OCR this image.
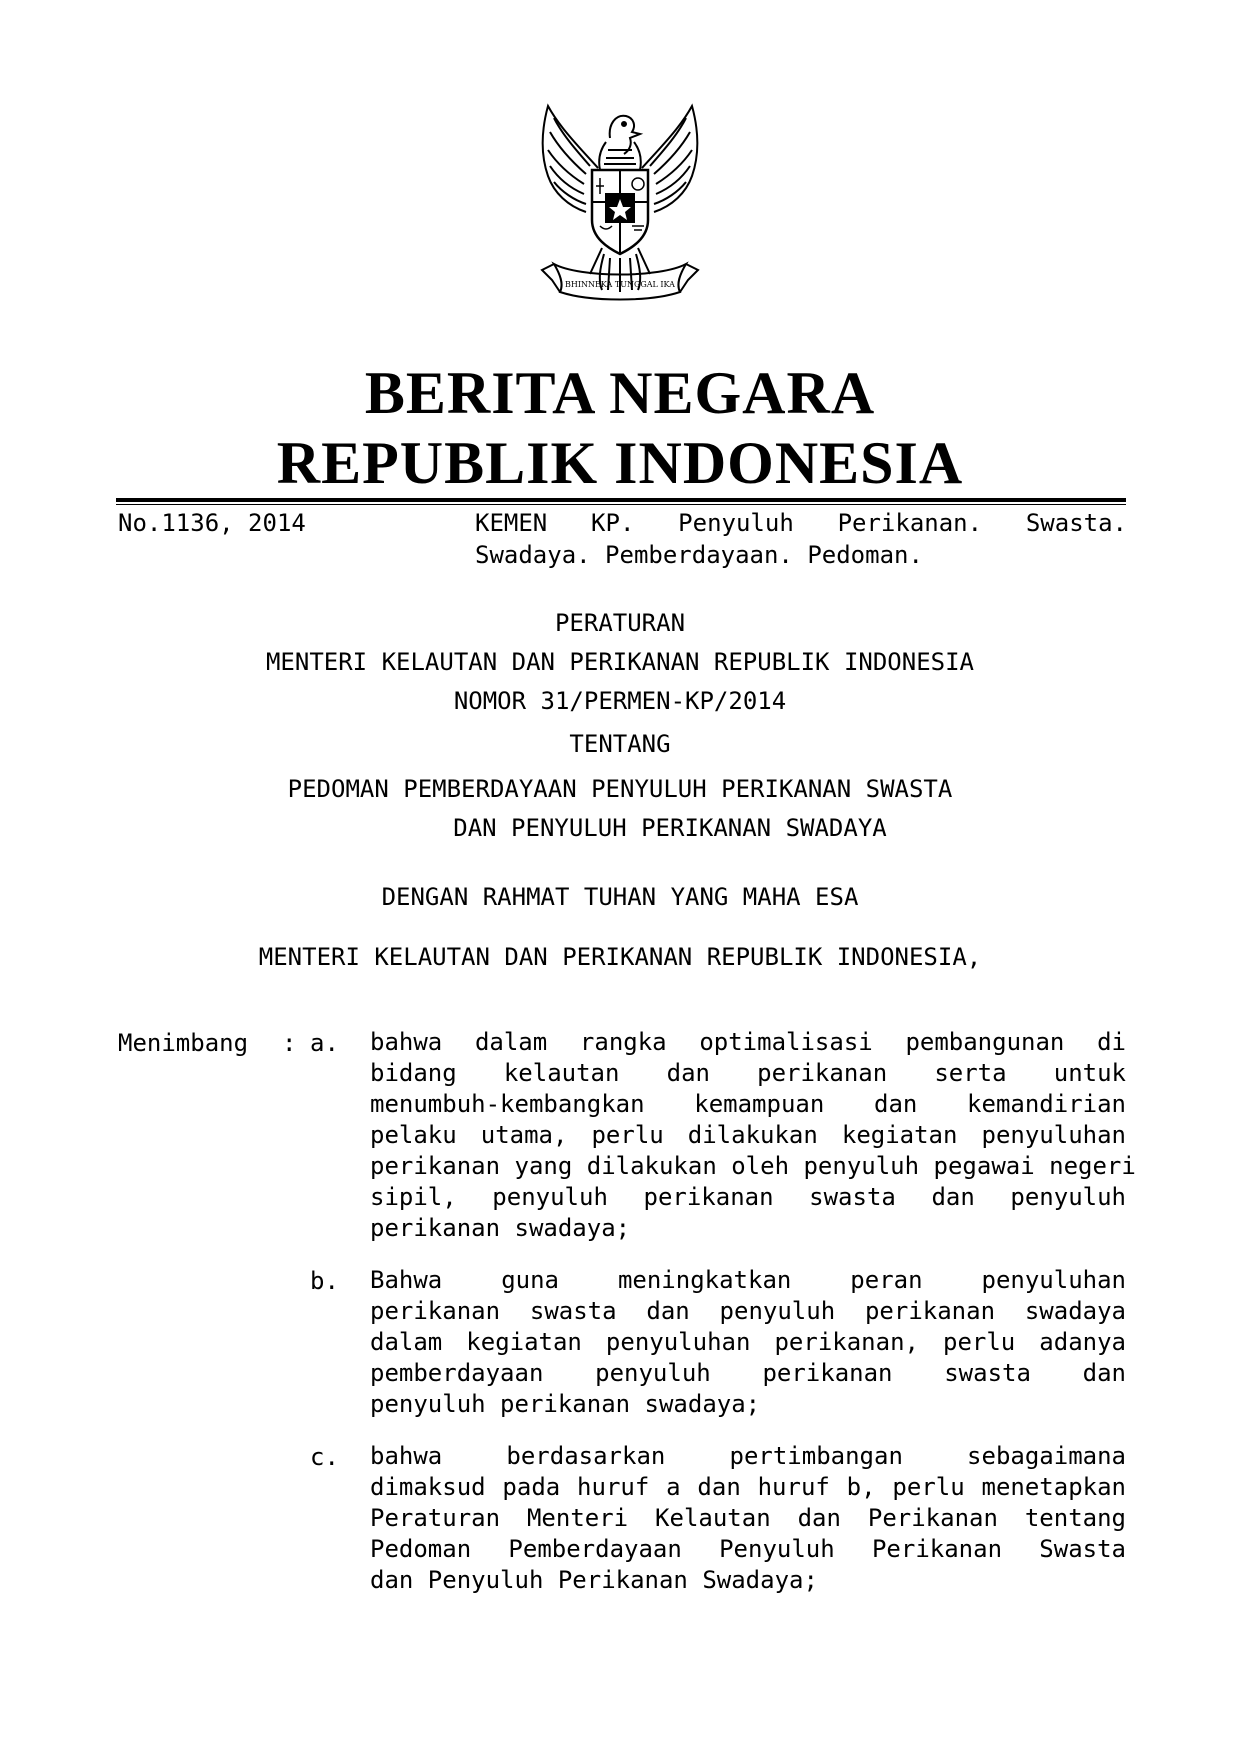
BHINNEKA TUNGGAL IKA
BERITA NEGARA
REPUBLIK INDONESIA
No.1136, 2014	KEMEN KP. Penyuluh Perikanan. Swasta.
Swadaya. Pemberdayaan. Pedoman.
PERATURAN
MENTERI KELAUTAN DAN PERIKANAN REPUBLIK INDONESIA
NOMOR 31/PERMEN-KP/2014
TENTANG
PEDOMAN PEMBERDAYAAN PENYULUH PERIKANAN SWASTA
DAN PENYULUH PERIKANAN SWADAYA
DENGAN RAHMAT TUHAN YANG MAHA ESA
MENTERI KELAUTAN DAN PERIKANAN REPUBLIK INDONESIA,
Menimbang : a. bahwa dalam rangka optimalisasi pembangunan di
bidang kelautan dan perikanan serta untuk
menumbuh-kembangkan kemampuan dan kemandirian
pelaku utama, perlu dilakukan kegiatan penyuluhan
perikanan yang dilakukan oleh penyuluh pegawai negeri
sipil, penyuluh perikanan swasta dan penyuluh
perikanan swadaya;
b. Bahwa guna meningkatkan peran penyuluhan
perikanan swasta dan penyuluh perikanan swadaya
dalam kegiatan penyuluhan perikanan, perlu adanya
pemberdayaan penyuluh perikanan swasta dan
penyuluh perikanan swadaya;
c. bahwa berdasarkan pertimbangan sebagaimana
dimaksud pada huruf a dan huruf b, perlu menetapkan
Peraturan Menteri Kelautan dan Perikanan tentang
Pedoman Pemberdayaan Penyuluh Perikanan Swasta
dan Penyuluh Perikanan Swadaya;
